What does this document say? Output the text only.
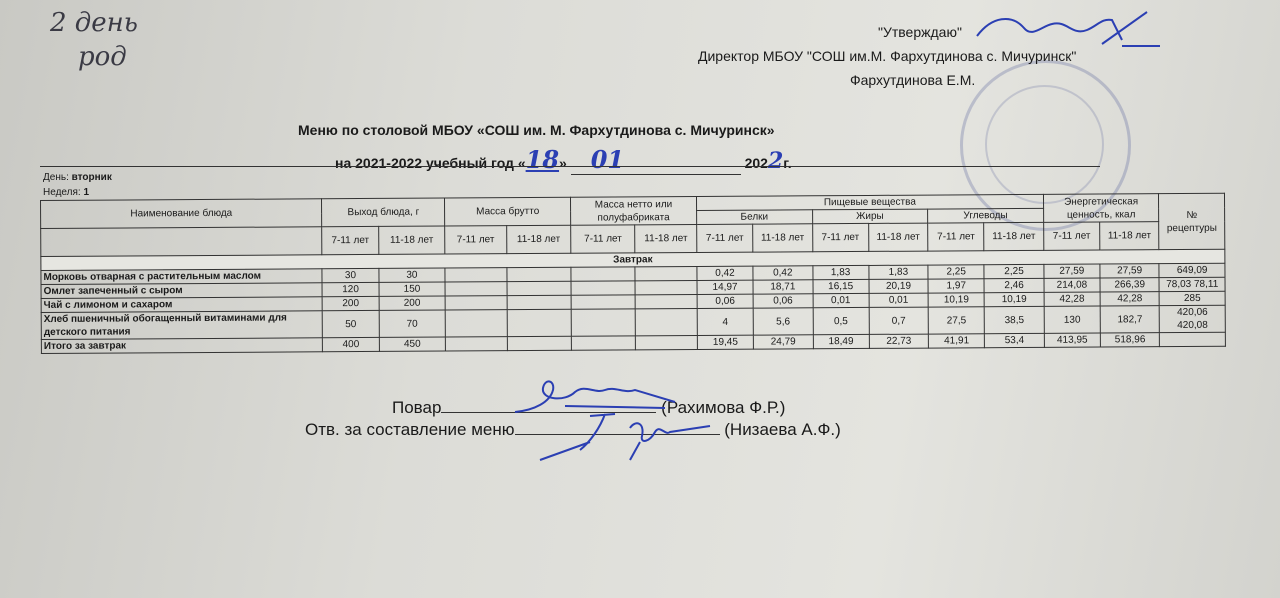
2 день
род
"Утверждаю"
Директор МБОУ "СОШ им.М. Фархутдинова с. Мичуринск"
Фархутдинова Е.М.
Меню по столовой МБОУ «СОШ им. М. Фархутдинова с. Мичуринск»
на 2021-2022 учебный год «18» 01	2022г.
День: вторник
Неделя: 1
Наименование блюда	Выход блюда, г		Масса брутто		Масса нетто или полуфабриката		Пищевые вещества						Энергетическая ценность, ккал		№ рецептуры
							Белки		Жиры		Углеводы				
	7-11 лет	11-18 лет	7-11 лет	11-18 лет	7-11 лет	11-18 лет	7-11 лет	11-18 лет	7-11 лет	11-18 лет	7-11 лет	11-18 лет	7-11 лет	11-18 лет	
Завтрак															
Морковь отварная с растительным маслом	30	30					0,42	0,42	1,83	1,83	2,25	2,25	27,59	27,59	649,09
Омлет запеченный с сыром	120	150					14,97	18,71	16,15	20,19	1,97	2,46	214,08	266,39	78,03 78,11
Чай с лимоном и сахаром	200	200					0,06	0,06	0,01	0,01	10,19	10,19	42,28	42,28	285
Хлеб пшеничный обогащенный витаминами для детского питания	50	70					4	5,6	0,5	0,7	27,5	38,5	130	182,7	420,06 420,08
Итого за завтрак	400	450					19,45	24,79	18,49	22,73	41,91	53,4	413,95	518,96	
Повар	(Рахимова Ф.Р.)
Отв. за составление меню	(Низаева А.Ф.)
